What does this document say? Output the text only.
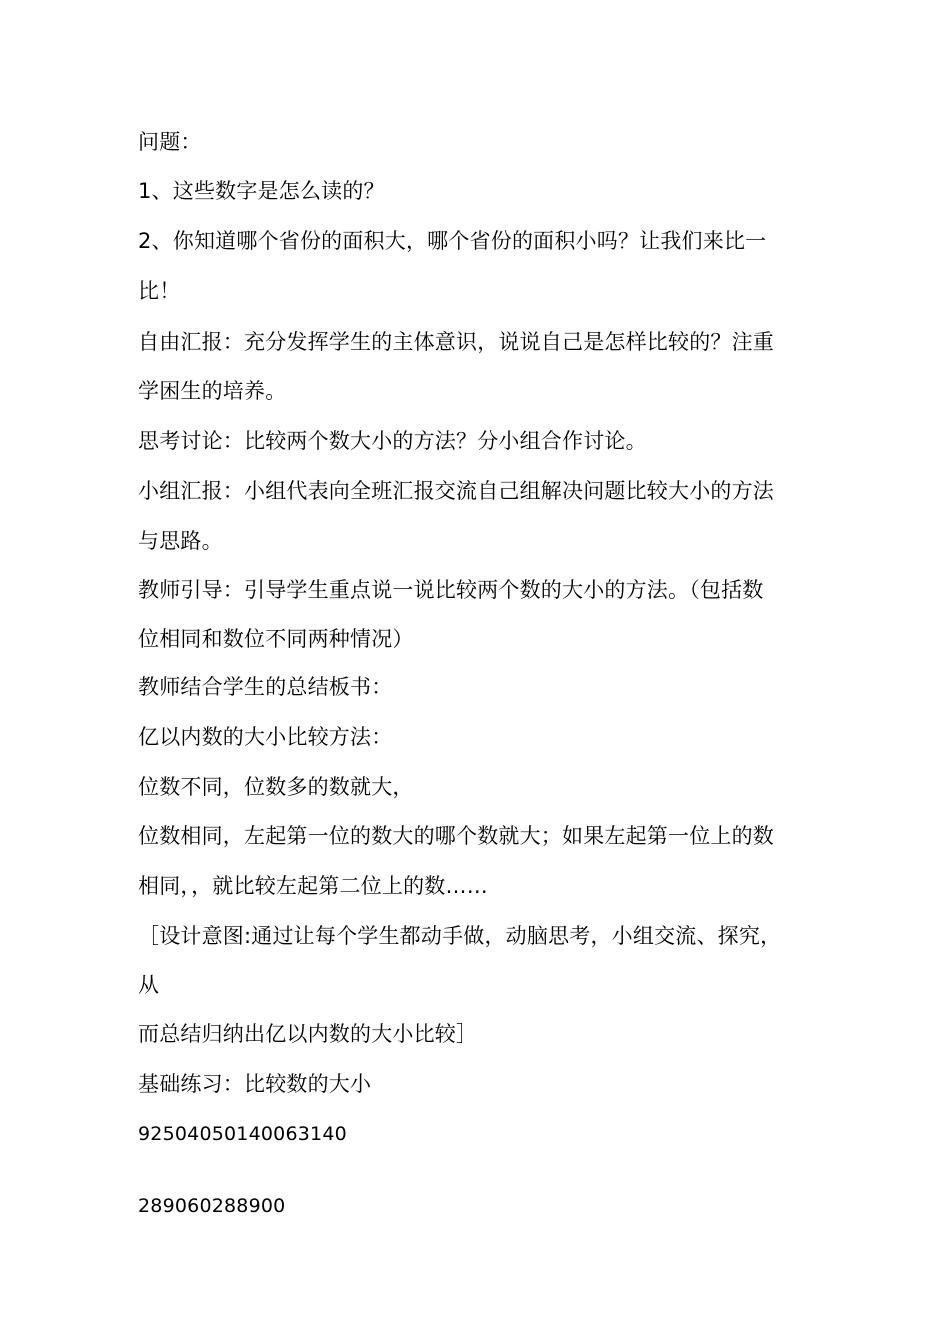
问题：
1、这些数字是怎么读的？
2、你知道哪个省份的面积大，哪个省份的面积小吗？让我们来比一
比！
自由汇报：充分发挥学生的主体意识，说说自己是怎样比较的？注重
学困生的培养。
思考讨论：比较两个数大小的方法？分小组合作讨论。
小组汇报：小组代表向全班汇报交流自己组解决问题比较大小的方法
与思路。
教师引导：引导学生重点说一说比较两个数的大小的方法。（包括数
位相同和数位不同两种情况）
教师结合学生的总结板书：
亿以内数的大小比较方法：
位数不同，位数多的数就大，
位数相同，左起第一位的数大的哪个数就大；如果左起第一位上的数
相同，，就比较左起第二位上的数……
［设计意图:通过让每个学生都动手做，动脑思考，小组交流、探究，
从
而总结归纳出亿以内数的大小比较］
基础练习：比较数的大小
92504050140063140
289060288900
